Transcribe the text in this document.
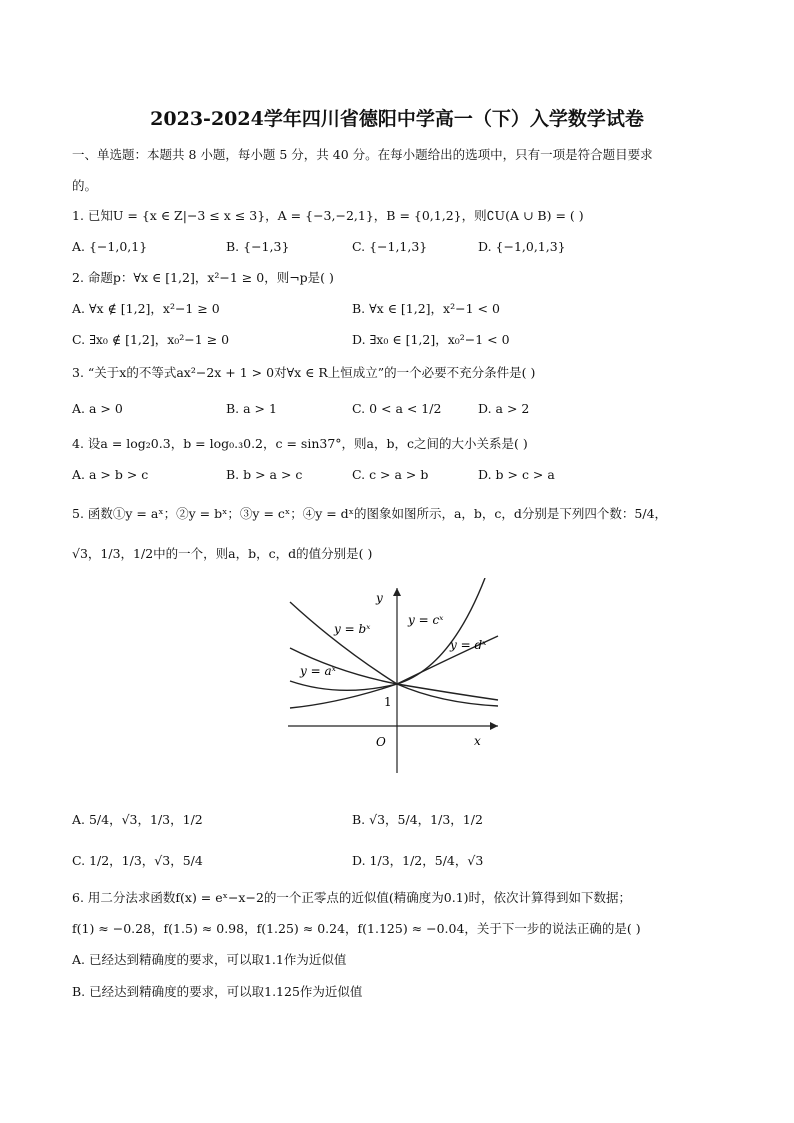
2023-2024学年四川省德阳中学高一（下）入学数学试卷
一、单选题：本题共 8 小题，每小题 5 分，共 40 分。在每小题给出的选项中，只有一项是符合题目要求
的。
1. 已知U = {x ∈ Z|−3 ≤ x ≤ 3}，A = {−3,−2,1}，B = {0,1,2}，则∁U(A ∪ B) = ( )
A. {−1,0,1}	B. {−1,3}	C. {−1,1,3}	D. {−1,0,1,3}
2. 命题p：∀x ∈ [1,2]，x²−1 ≥ 0，则¬p是( )
A. ∀x ∉ [1,2]，x²−1 ≥ 0	B. ∀x ∈ [1,2]，x²−1 < 0
C. ∃x₀ ∉ [1,2]，x₀²−1 ≥ 0	D. ∃x₀ ∈ [1,2]，x₀²−1 < 0
3. “关于x的不等式ax²−2x + 1 > 0对∀x ∈ R上恒成立”的一个必要不充分条件是( )
A. a > 0	B. a > 1	C. 0 < a < 1/2	D. a > 2
4. 设a = log₂0.3，b = log₀.₃0.2，c = sin37°，则a，b，c之间的大小关系是( )
A. a > b > c	B. b > a > c	C. c > a > b	D. b > c > a
5. 函数①y = aˣ；②y = bˣ；③y = cˣ；④y = dˣ的图象如图所示，a，b，c，d分别是下列四个数：5/4，
√3，1/3，1/2中的一个，则a，b，c，d的值分别是( )
y
x
O
1
y = bˣ
y = cˣ
y = dˣ
y = aˣ
A. 5/4，√3，1/3，1/2	B. √3，5/4，1/3，1/2
C. 1/2，1/3，√3，5/4	D. 1/3，1/2，5/4，√3
6. 用二分法求函数f(x) = eˣ−x−2的一个正零点的近似值(精确度为0.1)时，依次计算得到如下数据；
f(1) ≈ −0.28，f(1.5) ≈ 0.98，f(1.25) ≈ 0.24，f(1.125) ≈ −0.04，关于下一步的说法正确的是( )
A. 已经达到精确度的要求，可以取1.1作为近似值
B. 已经达到精确度的要求，可以取1.125作为近似值
